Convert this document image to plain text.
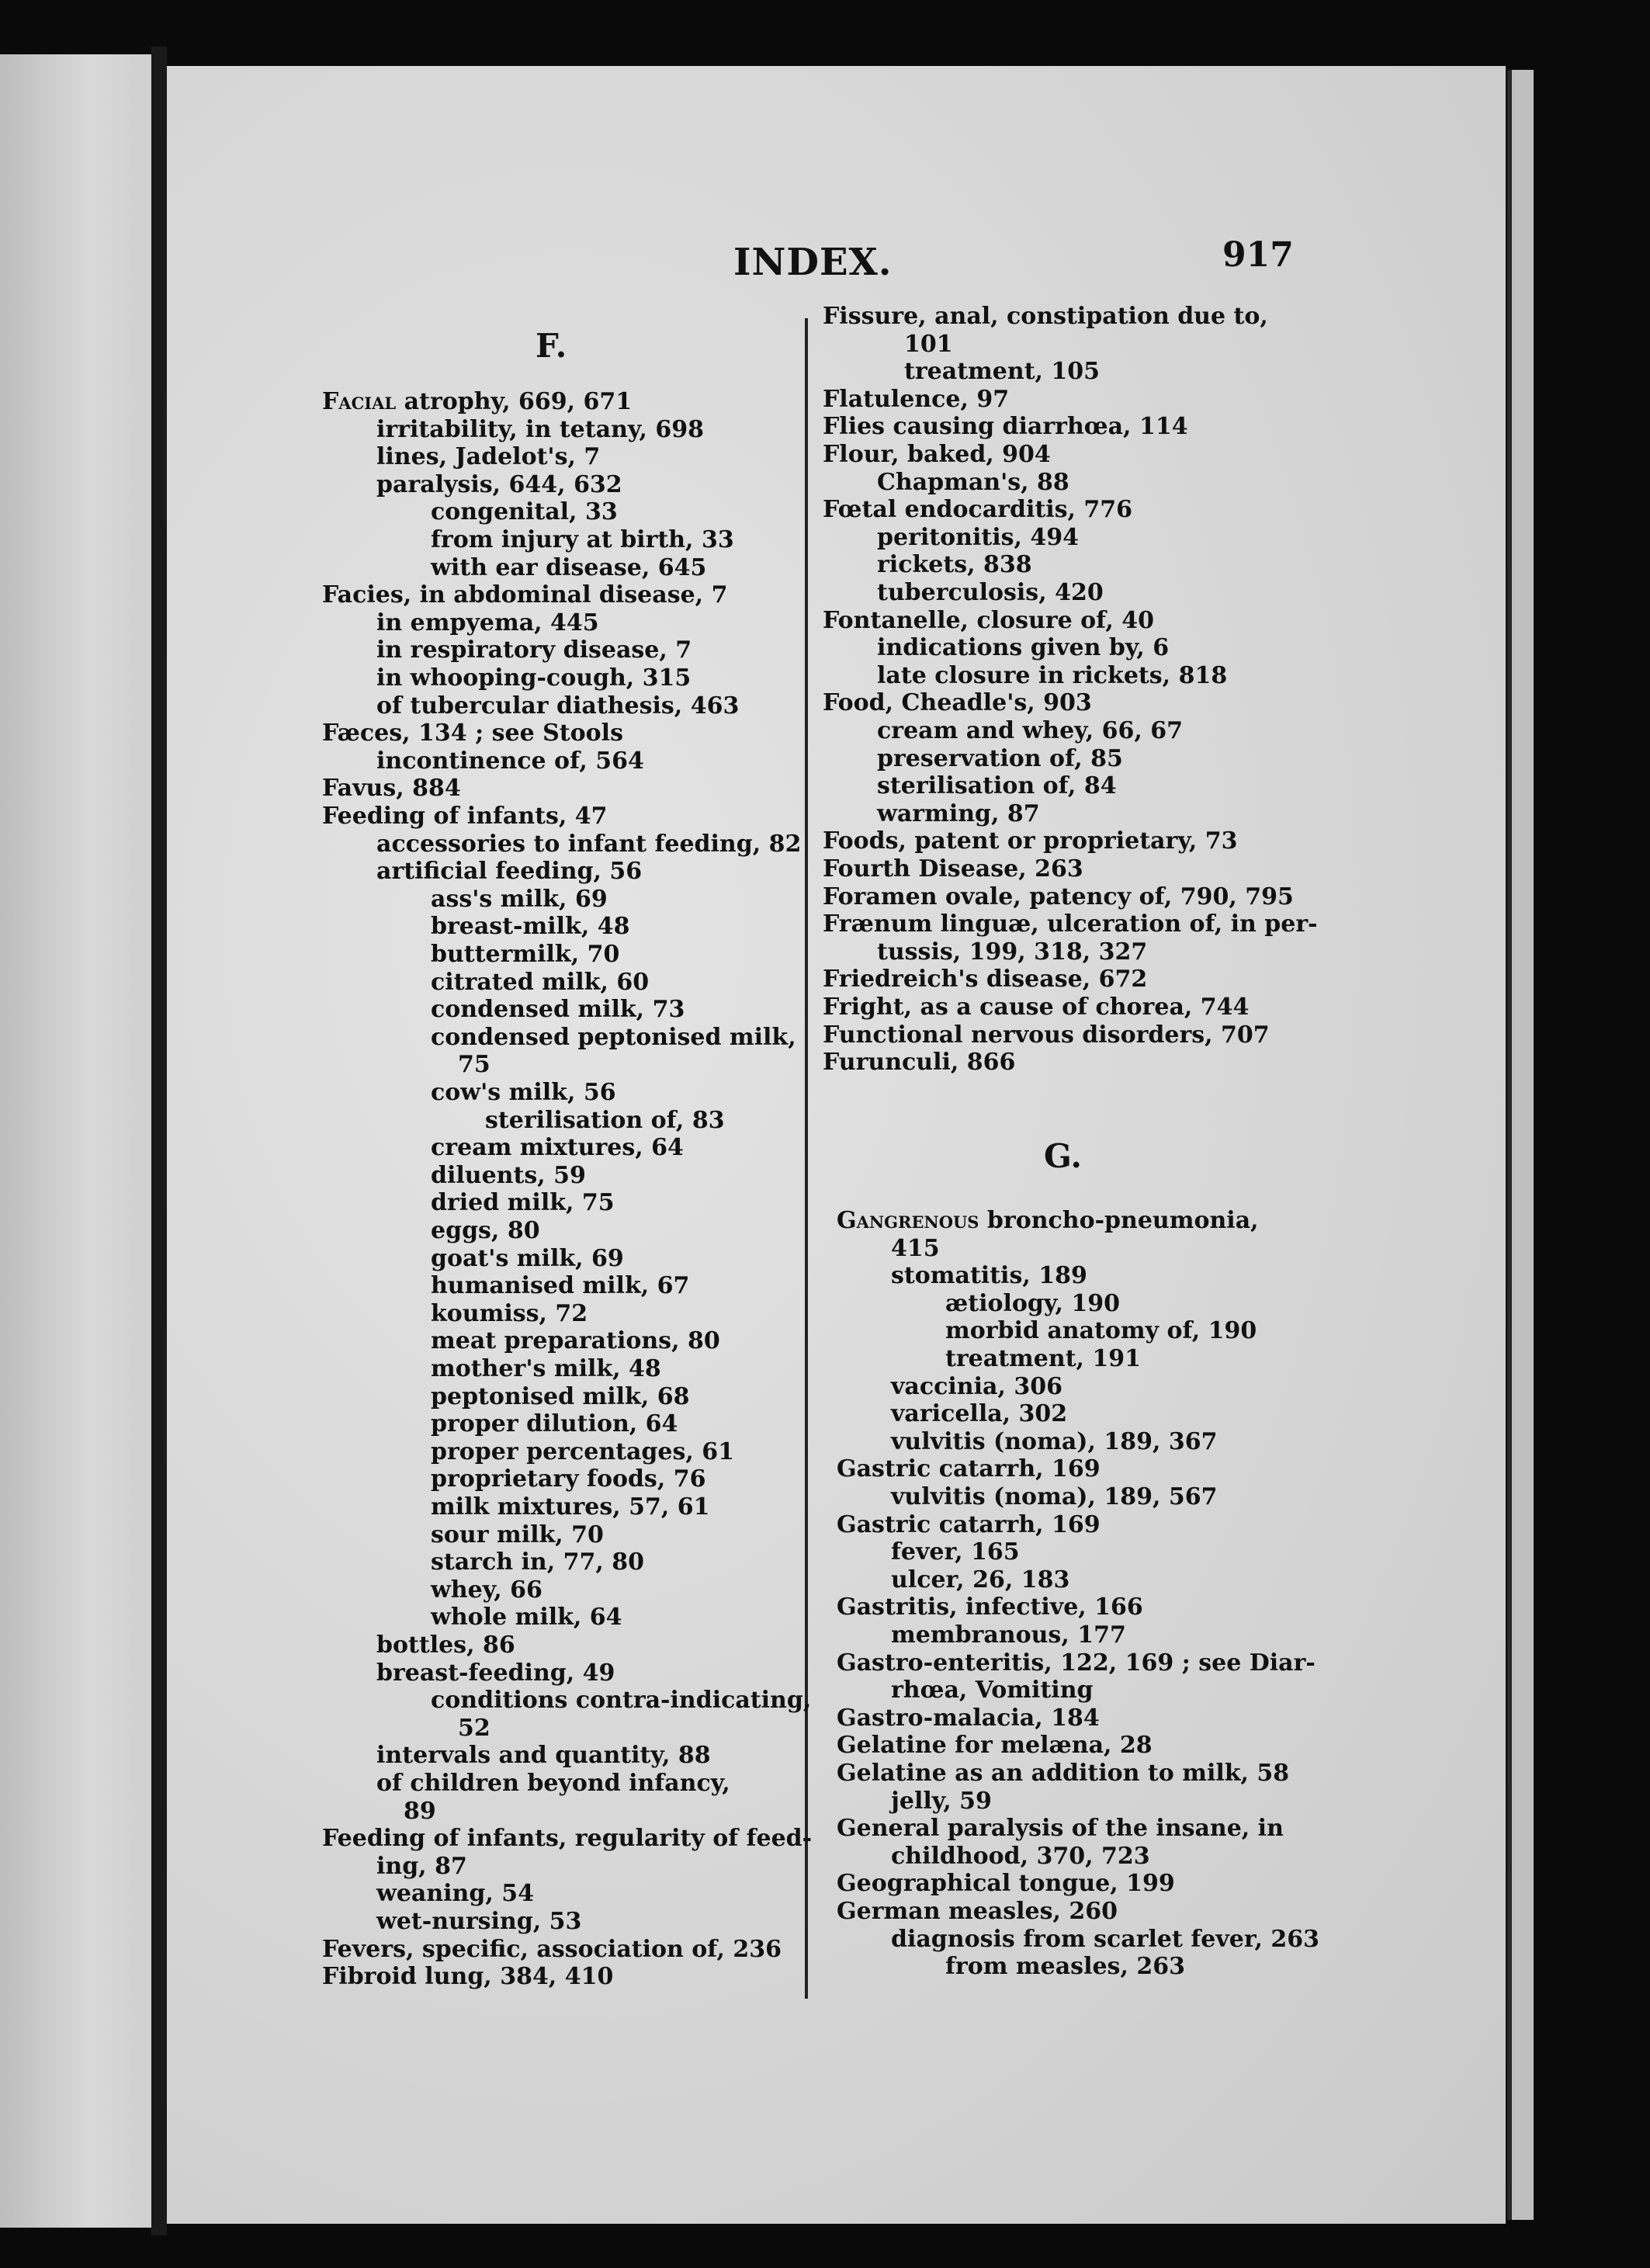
INDEX.	917
F.
Facial atrophy, 669, 671
irritability, in tetany, 698
lines, Jadelot's, 7
paralysis, 644, 632
congenital, 33
from injury at birth, 33
with ear disease, 645
Facies, in abdominal disease, 7
in empyema, 445
in respiratory disease, 7
in whooping-cough, 315
of tubercular diathesis, 463
Fæces, 134 ; see Stools
incontinence of, 564
Favus, 884
Feeding of infants, 47
accessories to infant feeding, 82
artificial feeding, 56
ass's milk, 69
breast-milk, 48
buttermilk, 70
citrated milk, 60
condensed milk, 73
condensed peptonised milk,
75
cow's milk, 56
sterilisation of, 83
cream mixtures, 64
diluents, 59
dried milk, 75
eggs, 80
goat's milk, 69
humanised milk, 67
koumiss, 72
meat preparations, 80
mother's milk, 48
peptonised milk, 68
proper dilution, 64
proper percentages, 61
proprietary foods, 76
milk mixtures, 57, 61
sour milk, 70
starch in, 77, 80
whey, 66
whole milk, 64
bottles, 86
breast-feeding, 49
conditions contra-indicating,
52
intervals and quantity, 88
of children beyond infancy,
89
Feeding of infants, regularity of feed-
ing, 87
weaning, 54
wet-nursing, 53
Fevers, specific, association of, 236
Fibroid lung, 384, 410
G.
Fissure, anal, constipation due to,
101
treatment, 105
Flatulence, 97
Flies causing diarrhœa, 114
Flour, baked, 904
Chapman's, 88
Fœtal endocarditis, 776
peritonitis, 494
rickets, 838
tuberculosis, 420
Fontanelle, closure of, 40
indications given by, 6
late closure in rickets, 818
Food, Cheadle's, 903
cream and whey, 66, 67
preservation of, 85
sterilisation of, 84
warming, 87
Foods, patent or proprietary, 73
Fourth Disease, 263
Foramen ovale, patency of, 790, 795
Frænum linguæ, ulceration of, in per-
tussis, 199, 318, 327
Friedreich's disease, 672
Fright, as a cause of chorea, 744
Functional nervous disorders, 707
Furunculi, 866
Gangrenous broncho-pneumonia,
415
stomatitis, 189
ætiology, 190
morbid anatomy of, 190
treatment, 191
vaccinia, 306
varicella, 302
vulvitis (noma), 189, 367
Gastric catarrh, 169
vulvitis (noma), 189, 567
Gastric catarrh, 169
fever, 165
ulcer, 26, 183
Gastritis, infective, 166
membranous, 177
Gastro-enteritis, 122, 169 ; see Diar-
rhœa, Vomiting
Gastro-malacia, 184
Gelatine for melæna, 28
Gelatine as an addition to milk, 58
jelly, 59
General paralysis of the insane, in
childhood, 370, 723
Geographical tongue, 199
German measles, 260
diagnosis from scarlet fever, 263
from measles, 263
